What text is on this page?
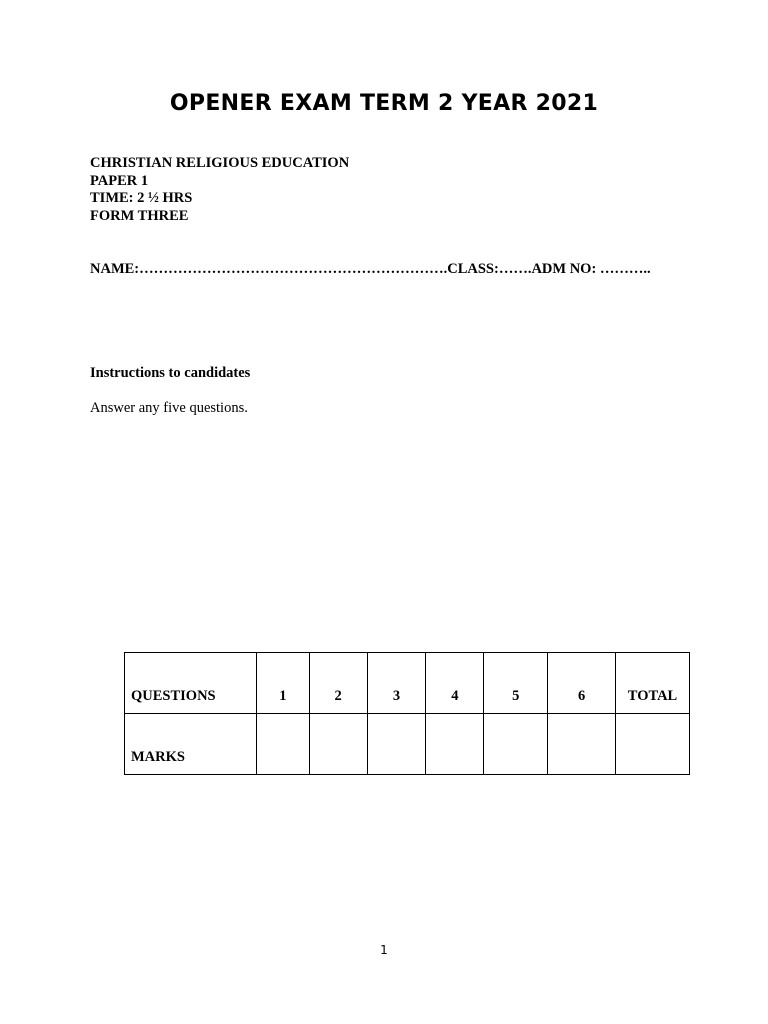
OPENER EXAM TERM 2 YEAR 2021
CHRISTIAN RELIGIOUS EDUCATION
PAPER 1
TIME: 2 ½ HRS
FORM THREE
NAME:……………………………………………………….CLASS:…….ADM NO: ………..
Instructions to candidates
Answer any five questions.
QUESTIONS	1	2	3	4	5	6	TOTAL
MARKS							
1
